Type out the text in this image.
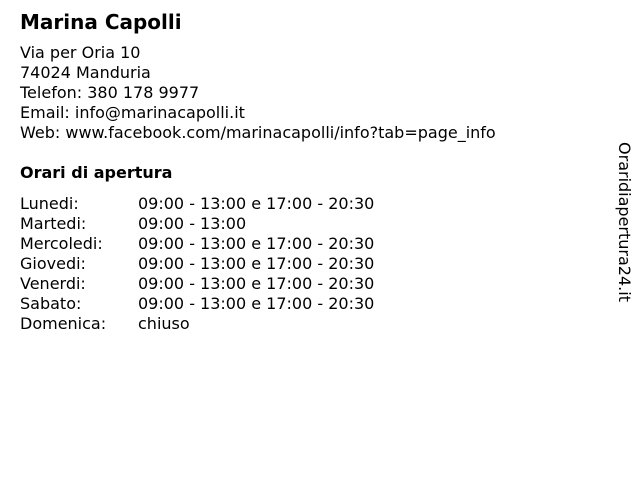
Marina Capolli
Via per Oria 10
74024 Manduria
Telefon: 380 178 9977
Email: info@marinacapolli.it
Web: www.facebook.com/marinacapolli/info?tab=page_info
Orari di apertura
Lunedi:	09:00 - 13:00 e 17:00 - 20:30
Martedi:	09:00 - 13:00
Mercoledi: 09:00 - 13:00 e 17:00 - 20:30
Giovedi:	09:00 - 13:00 e 17:00 - 20:30
Venerdi:	09:00 - 13:00 e 17:00 - 20:30
Sabato:	09:00 - 13:00 e 17:00 - 20:30
Domenica: chiuso
Oraridiapertura24.it
